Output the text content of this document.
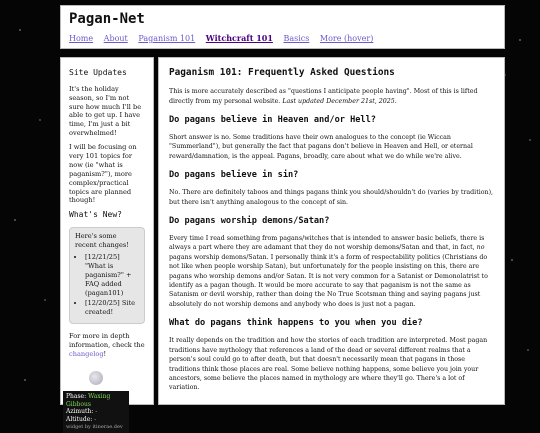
Pagan-Net
Home About Paganism 101 Witchcraft 101 Basics More (hover)
Site Updates

It's the holiday season, so I'm not sure how much I'll be able to get up. I have time, I'm just a bit overwhelmed!

I will be focusing on very 101 topics for now (ie "what is paganism?"), more complex/practical topics are planned though!

What's New?
Here's some recent changes!
• [12/21/25] "What is paganism?" + FAQ added (pagan101)
• [12/20/25] Site created!

For more in depth information, check the changelog!

Phase: Waxing Gibbous
Azimuth: -
Altitude: -
widget by itinerae.dev
Paganism 101: Frequently Asked Questions

This is more accurately described as "questions I anticipate people having". Most of this is lifted directly from my personal website. Last updated December 21st, 2025.

Do pagans believe in Heaven and/or Hell?

Short answer is no. Some traditions have their own analogues to the concept (ie Wiccan "Summerland"), but generally the fact that pagans don't believe in Heaven and Hell, or eternal reward/damnation, is the appeal. Pagans, broadly, care about what we do while we're alive.

Do pagans believe in sin?

No. There are definitely taboos and things pagans think you should/shouldn't do (varies by tradition), but there isn't anything analogous to the concept of sin.

Do pagans worship demons/Satan?

Every time I read something from pagans/witches that is intended to answer basic beliefs, there is always a part where they are adamant that they do not worship demons/Satan and that, in fact, no pagans worship demons/Satan. I personally think it's a form of respectability politics (Christians do not like when people worship Satan), but unfortunately for the people insisting on this, there are pagans who worship demons and/or Satan. It is not very common for a Satanist or Demonolatrist to identify as a pagan though. It would be more accurate to say that paganism is not the same as Satanism or devil worship, rather than doing the No True Scotsman thing and saying pagans just absolutely do not worship demons and anybody who does is just not a pagan.

What do pagans think happens to you when you die?

It really depends on the tradition and how the stories of each tradition are interpreted. Most pagan traditions have mythology that references a land of the dead or several different realms that a person's soul could go to after death, but that doesn't necessarily mean that pagans in those traditions think those places are real. Some believe nothing happens, some believe you join your ancestors, some believe the places named in mythology are where they'll go. There's a lot of variation.
